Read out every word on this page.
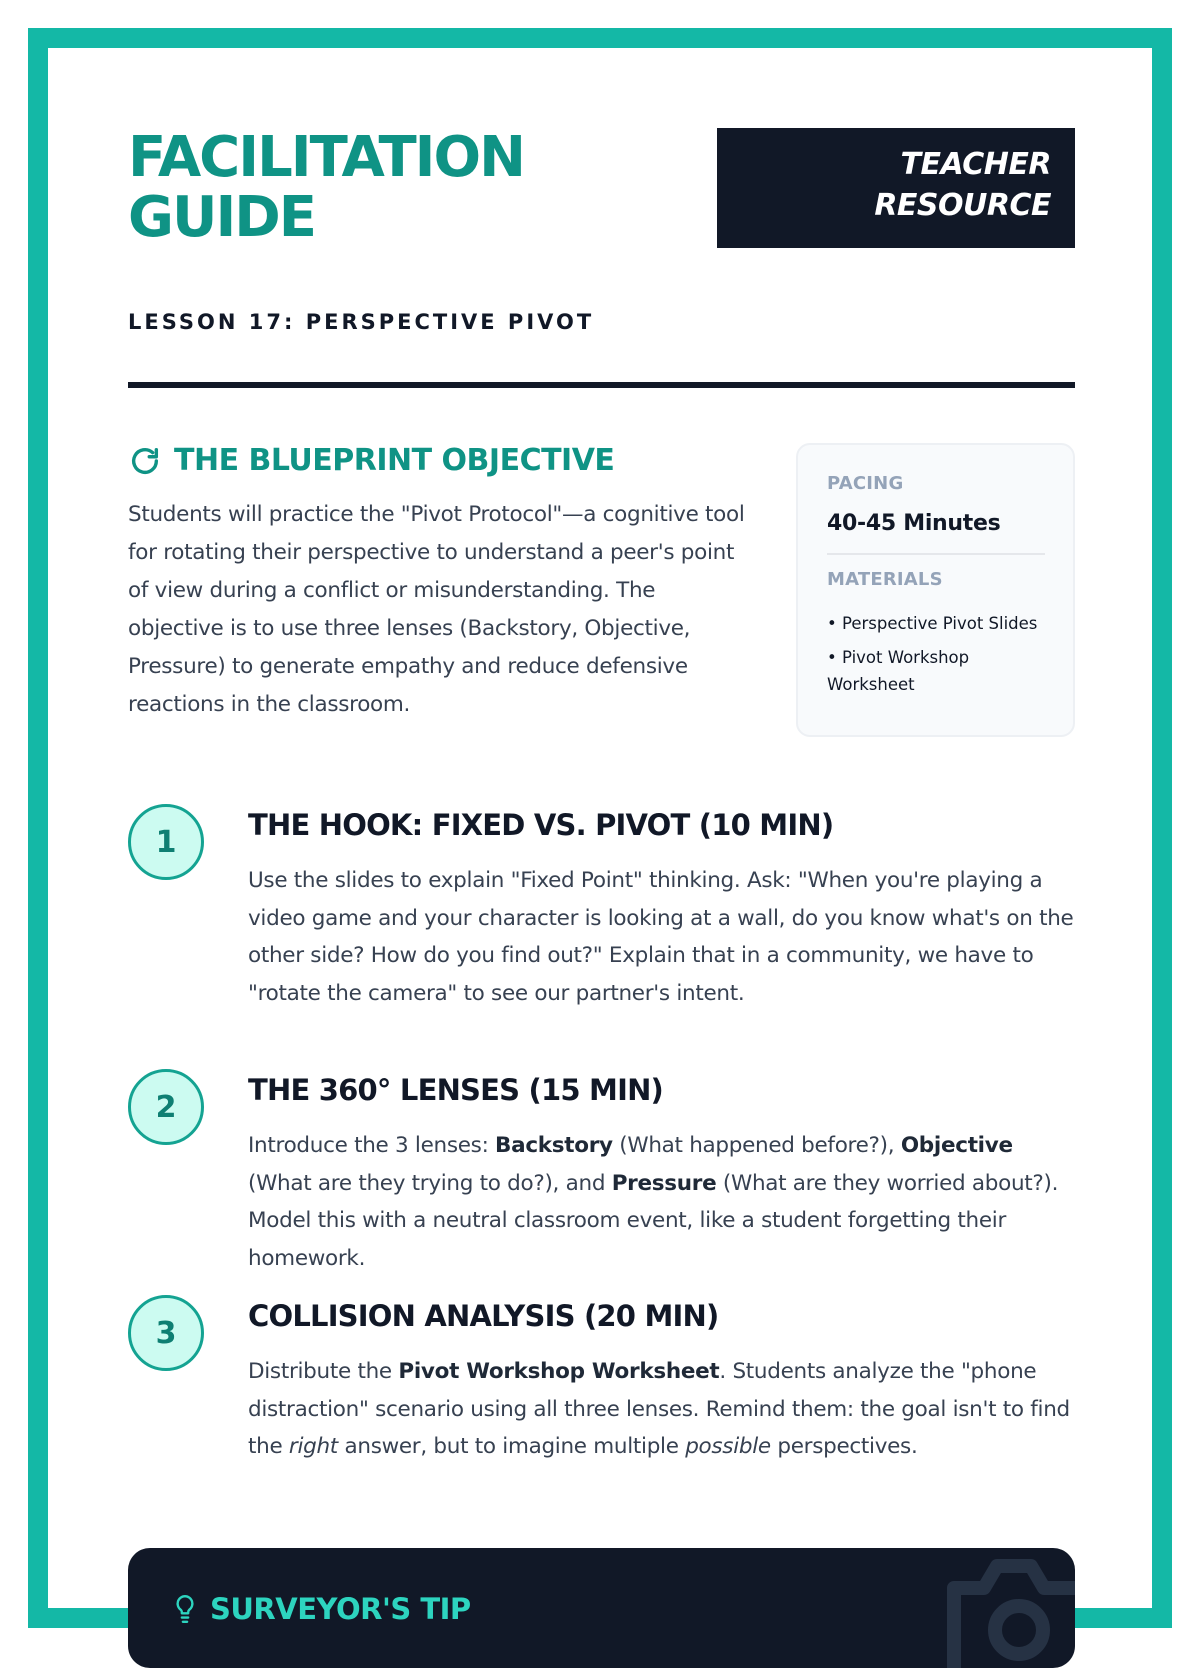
FACILITATION
GUIDE

LESSON 17: PERSPECTIVE PIVOT

TEACHER
RESOURCE
THE BLUEPRINT OBJECTIVE

Students will practice the "Pivot Protocol"—a cognitive tool for rotating their perspective to understand a peer's point of view during a conflict or misunderstanding. The objective is to use three lenses (Backstory, Objective, Pressure) to generate empathy and reduce defensive reactions in the classroom.

PACING
40-45 Minutes
MATERIALS
• Perspective Pivot Slides
• Pivot Workshop Worksheet
1	THE HOOK: FIXED VS. PIVOT (10 MIN)

Use the slides to explain "Fixed Point" thinking. Ask: "When you're playing a video game and your character is looking at a wall, do you know what's on the other side? How do you find out?" Explain that in a community, we have to "rotate the camera" to see our partner's intent.

2	THE 360° LENSES (15 MIN)

Introduce the 3 lenses: Backstory (What happened before?), Objective (What are they trying to do?), and Pressure (What are they worried about?). Model this with a neutral classroom event, like a student forgetting their homework.

3	COLLISION ANALYSIS (20 MIN)

Distribute the Pivot Workshop Worksheet. Students analyze the "phone distraction" scenario using all three lenses. Remind them: the goal isn't to find the right answer, but to imagine multiple possible perspectives.

SURVEYOR'S TIP
